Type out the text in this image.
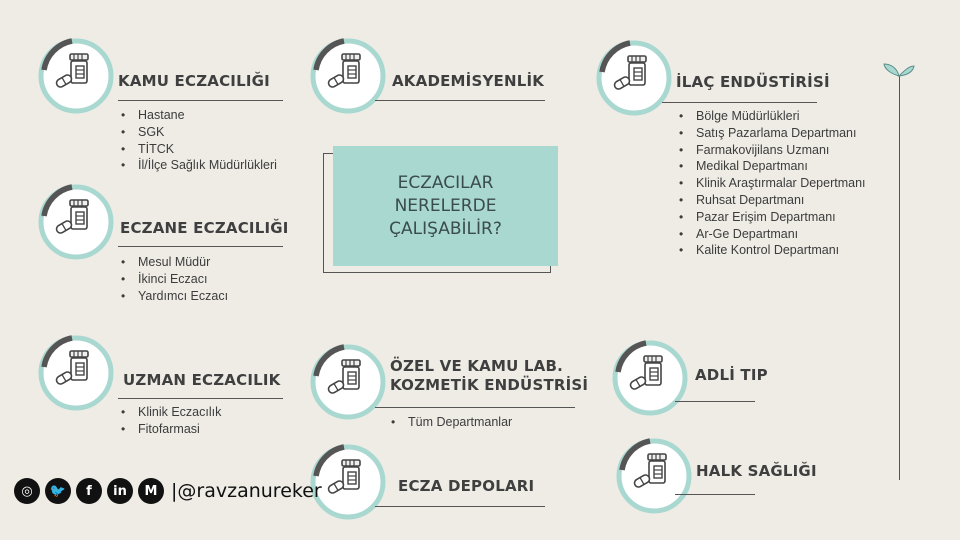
ECZACILAR
NERELERDE
ÇALIŞABİLİR?
KAMU ECZACILIĞI
• Hastane
• SGK
• TİTCK
• İl/İlçe Sağlık Müdürlükleri
AKADEMİSYENLİK	İLAÇ ENDÜSTİRİSİ
• Bölge Müdürlükleri
• Satış Pazarlama Departmanı
• Farmakovijilans Uzmanı
• Medikal Departmanı
• Klinik Araştırmalar Depertmanı
• Ruhsat Departmanı
• Pazar Erişim Departmanı
• Ar-Ge Departmanı
• Kalite Kontrol Departmanı
ECZANE ECZACILIĞI
• Mesul Müdür
• İkinci Eczacı
• Yardımcı Eczacı
UZMAN ECZACILIK
• Klinik Eczacılık
• Fitofarmasi
ÖZEL VE KAMU LAB.
KOZMETİK ENDÜSTRİSİ
• Tüm Departmanlar
ECZA DEPOLARI
ADLİ TIP
HALK SAĞLIĞI
◎	🐦	f	in	M |@ravzanureker
